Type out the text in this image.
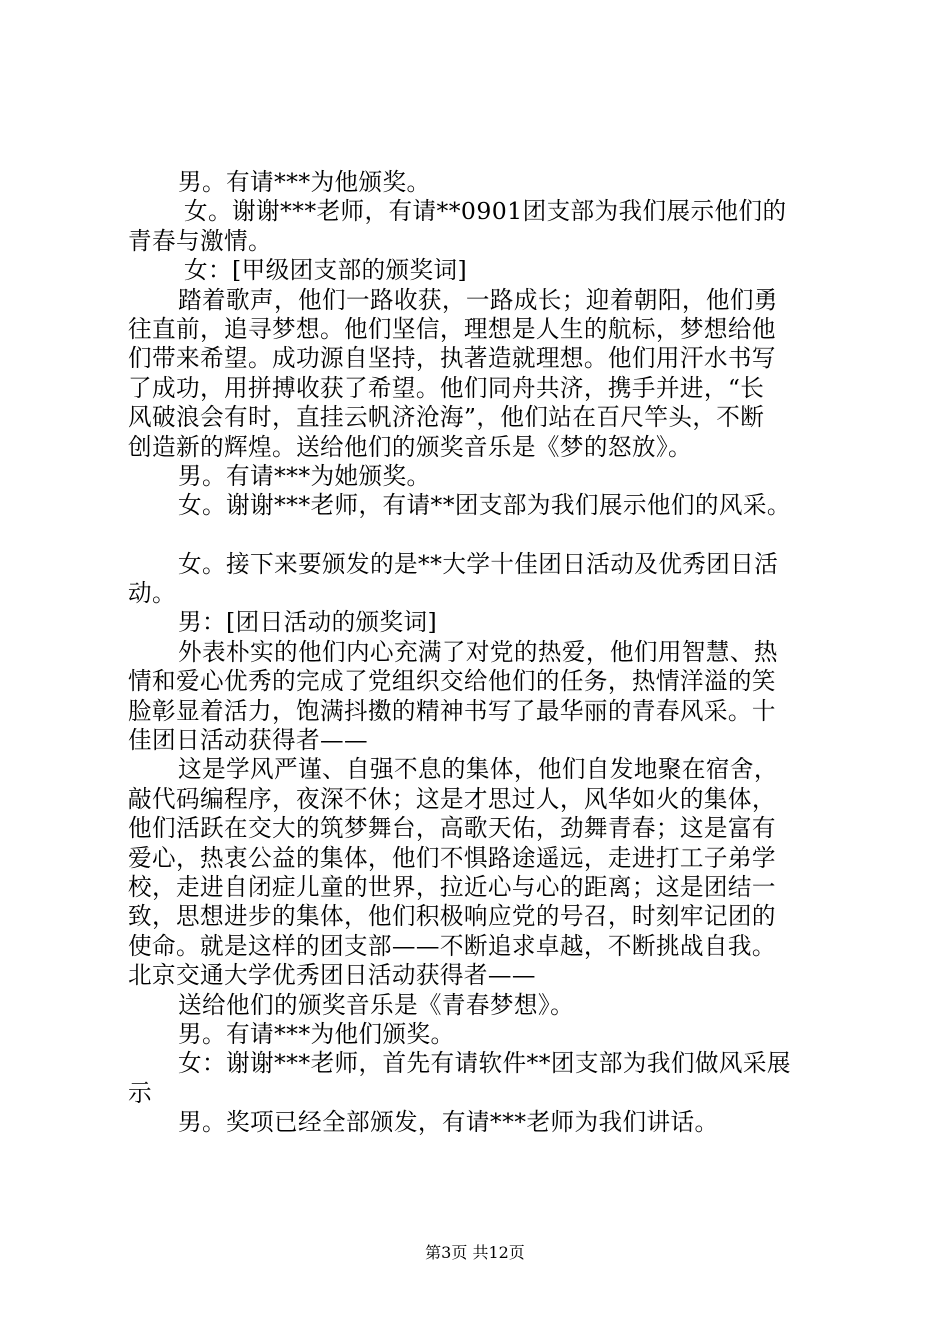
男。有请***为他颁奖。

女。谢谢***老师，有请**0901团支部为我们展示他们的
青春与激情。

女：[甲级团支部的颁奖词]

踏着歌声，他们一路收获，一路成长；迎着朝阳，他们勇
往直前，追寻梦想。他们坚信，理想是人生的航标，梦想给他
们带来希望。成功源自坚持，执著造就理想。他们用汗水书写
了成功，用拼搏收获了希望。他们同舟共济，携手并进，“长
风破浪会有时，直挂云帆济沧海”，他们站在百尺竿头，不断
创造新的辉煌。送给他们的颁奖音乐是《梦的怒放》。

男。有请***为她颁奖。

女。谢谢***老师，有请**团支部为我们展示他们的风采。

女。接下来要颁发的是**大学十佳团日活动及优秀团日活
动。

男：[团日活动的颁奖词]

外表朴实的他们内心充满了对党的热爱，他们用智慧、热
情和爱心优秀的完成了党组织交给他们的任务，热情洋溢的笑
脸彰显着活力，饱满抖擞的精神书写了最华丽的青春风采。十
佳团日活动获得者——

这是学风严谨、自强不息的集体，他们自发地聚在宿舍，
敲代码编程序，夜深不休；这是才思过人，风华如火的集体，
他们活跃在交大的筑梦舞台，高歌天佑，劲舞青春；这是富有
爱心，热衷公益的集体，他们不惧路途遥远，走进打工子弟学
校，走进自闭症儿童的世界，拉近心与心的距离；这是团结一
致，思想进步的集体，他们积极响应党的号召，时刻牢记团的
使命。就是这样的团支部——不断追求卓越，不断挑战自我。
北京交通大学优秀团日活动获得者——

送给他们的颁奖音乐是《青春梦想》。

男。有请***为他们颁奖。

女：谢谢***老师，首先有请软件**团支部为我们做风采展
示

男。奖项已经全部颁发，有请***老师为我们讲话。

第3页 共12页
